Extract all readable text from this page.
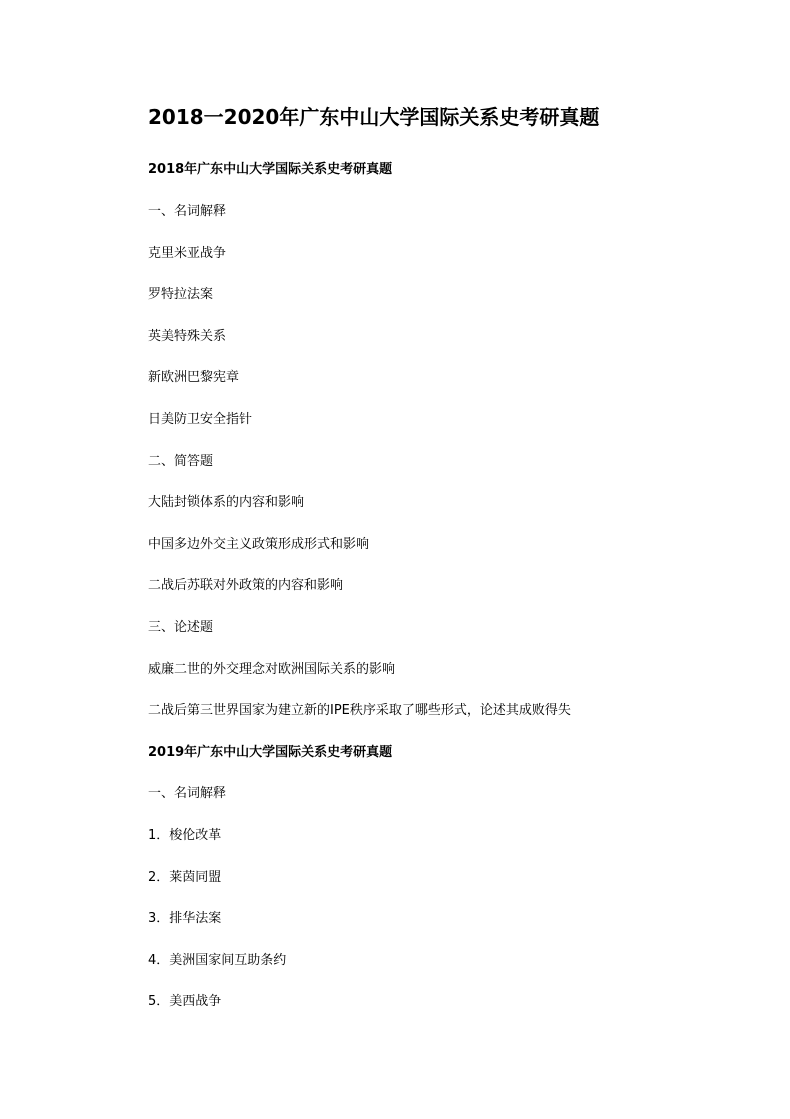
2018一2020年广东中山大学国际关系史考研真题
2018年广东中山大学国际关系史考研真题
一、名词解释
克里米亚战争
罗特拉法案
英美特殊关系
新欧洲巴黎宪章
日美防卫安全指针
二、简答题
大陆封锁体系的内容和影响
中国多边外交主义政策形成形式和影响
二战后苏联对外政策的内容和影响
三、论述题
威廉二世的外交理念对欧洲国际关系的影响
二战后第三世界国家为建立新的IPE秩序采取了哪些形式，论述其成败得失
2019年广东中山大学国际关系史考研真题
一、名词解释
1．梭伦改革
2．莱茵同盟
3．排华法案
4．美洲国家间互助条约
5．美西战争
